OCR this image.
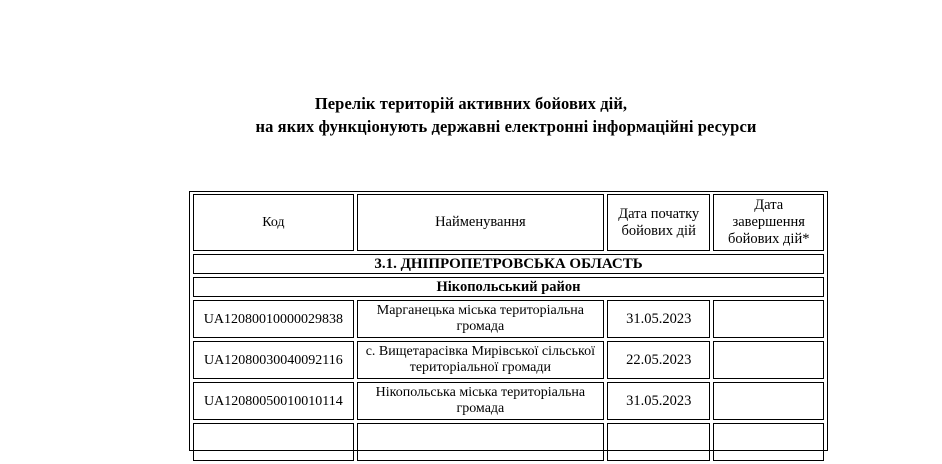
Перелік територій активних бойових дій,
на яких функціонують державні електронні інформаційні ресурси
Код	Найменування	Дата початку бойових дій	Дата завершення бойових дій*
3.1. ДНІПРОПЕТРОВСЬКА ОБЛАСТЬ			
Нікопольський район			
UA12080010000029838	Марганецька міська територіальна громада	31.05.2023	
UA12080030040092116	с. Вищетарасівка Мирівської сільської територіальної громади	22.05.2023	
UA12080050010010114	Нікопольська міська територіальна громада	31.05.2023	
